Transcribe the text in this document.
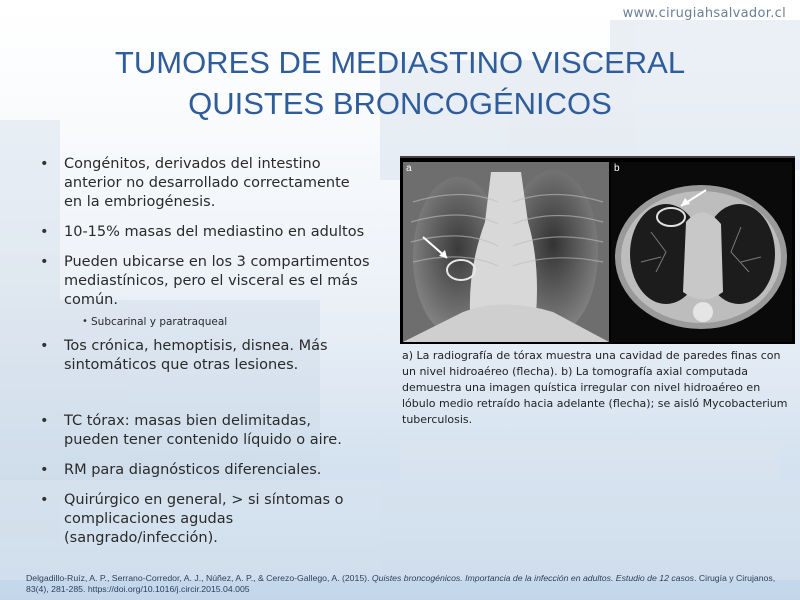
www.cirugiahsalvador.cl
TUMORES DE MEDIASTINO VISCERAL
QUISTES BRONCOGÉNICOS
• Congénitos, derivados del intestino anterior no desarrollado correctamente en la embriogénesis.
• 10-15% masas del mediastino en adultos
• Pueden ubicarse en los 3 compartimentos mediastínicos, pero el visceral es el más común.
• Subcarinal y paratraqueal
• Tos crónica, hemoptisis, disnea. Más sintomáticos que otras lesiones.
• TC tórax: masas bien delimitadas, pueden tener contenido líquido o aire.
• RM para diagnósticos diferenciales.
• Quirúrgico en general, > si síntomas o complicaciones agudas (sangrado/infección).
a	b
a) La radiografía de tórax muestra una cavidad de paredes finas con un nivel hidroaéreo (flecha). b) La tomografía axial computada demuestra una imagen quística irregular con nivel hidroaéreo en lóbulo medio retraído hacia adelante (flecha); se aisló Mycobacterium tuberculosis.
Delgadillo-Ruíz, A. P., Serrano-Corredor, A. J., Núñez, A. P., & Cerezo-Gallego, A. (2015). Quistes broncogénicos. Importancia de la infección en adultos. Estudio de 12 casos. Cirugía y Cirujanos, 83(4), 281-285. https://doi.org/10.1016/j.circir.2015.04.005
